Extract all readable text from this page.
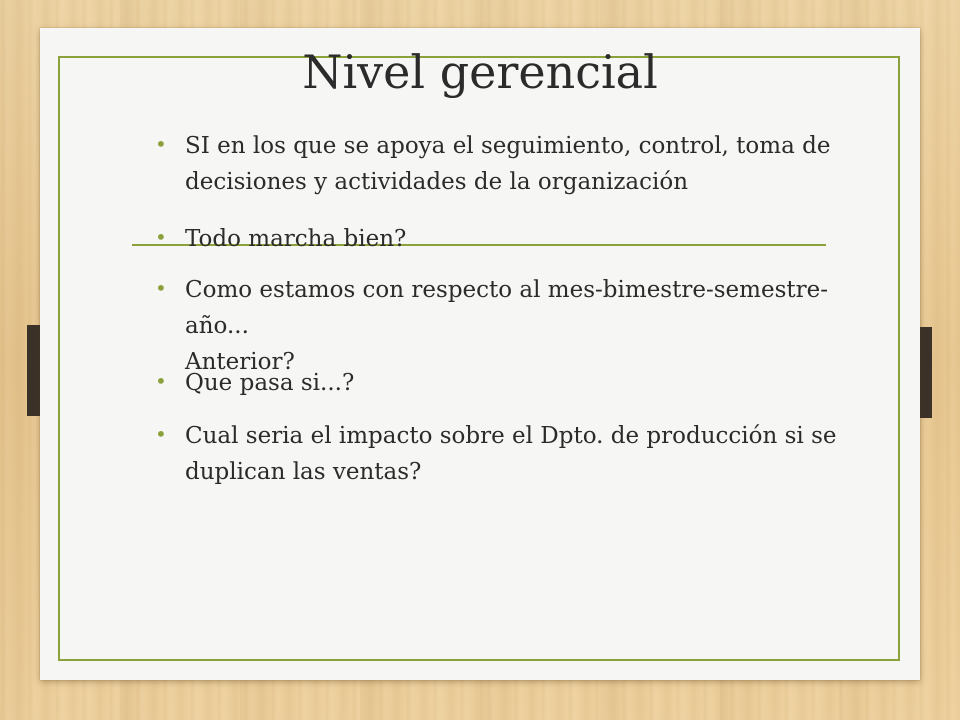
Nivel gerencial
• SI en los que se apoya el seguimiento, control, toma de
decisiones y actividades de la organización
• Todo marcha bien?
• Como estamos con respecto al mes-bimestre-semestre-año...
Anterior?
• Que pasa si...?
• Cual seria el impacto sobre el Dpto. de producción si se
duplican las ventas?
